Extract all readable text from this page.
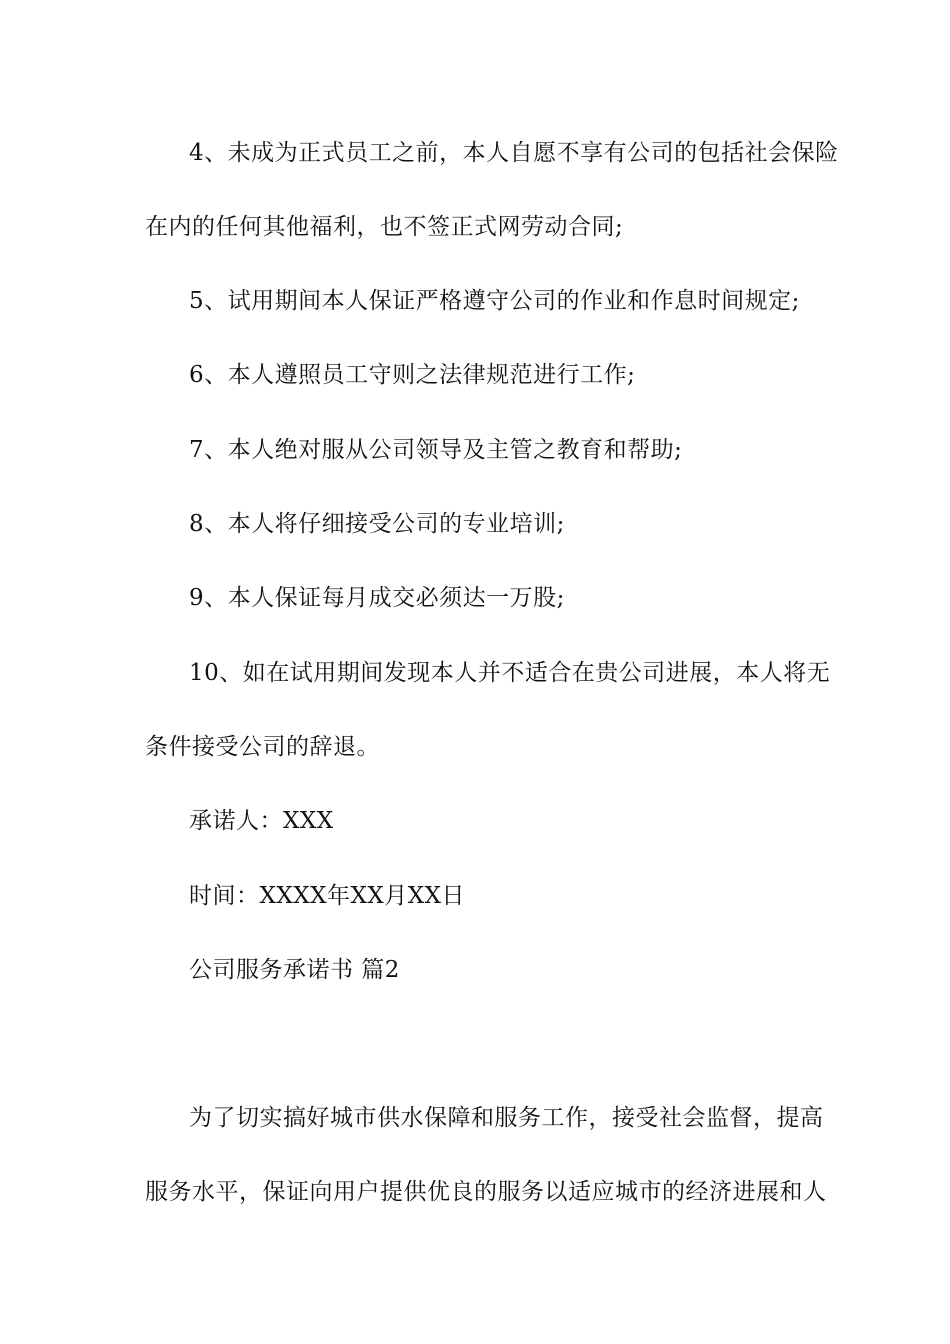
4、未成为正式员工之前，本人自愿不享有公司的包括社会保险
在内的任何其他福利，也不签正式网劳动合同;
5、试用期间本人保证严格遵守公司的作业和作息时间规定;
6、本人遵照员工守则之法律规范进行工作;
7、本人绝对服从公司领导及主管之教育和帮助;
8、本人将仔细接受公司的专业培训;
9、本人保证每月成交必须达一万股;
10、如在试用期间发现本人并不适合在贵公司进展，本人将无
条件接受公司的辞退。
承诺人：XXX
时间：XXXX年XX月XX日
公司服务承诺书 篇2
为了切实搞好城市供水保障和服务工作，接受社会监督，提高
服务水平，保证向用户提供优良的服务以适应城市的经济进展和人
